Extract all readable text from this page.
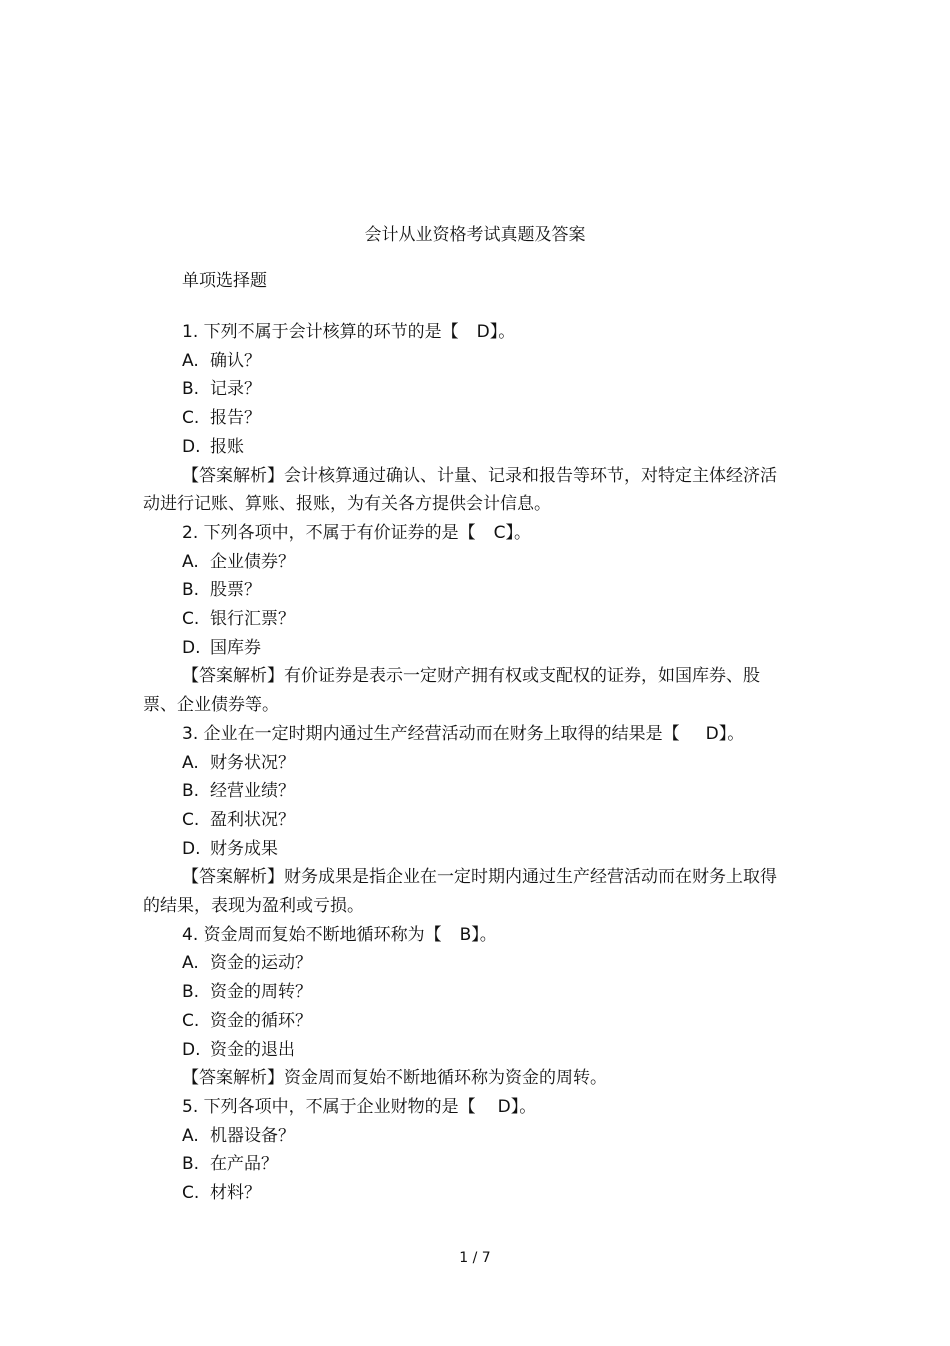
会计从业资格考试真题及答案
单项选择题
1. 下列不属于会计核算的环节的是【 D】。
A. 确认？
B. 记录？
C. 报告？
D. 报账
【答案解析】会计核算通过确认、计量、记录和报告等环节，对特定主体经济活动进行记账、算账、报账，为有关各方提供会计信息。
2. 下列各项中，不属于有价证券的是【 C】。
A. 企业债券？
B. 股票？
C. 银行汇票？
D. 国库券
【答案解析】有价证券是表示一定财产拥有权或支配权的证券，如国库券、股票、企业债券等。
3. 企业在一定时期内通过生产经营活动而在财务上取得的结果是【 D】。
A. 财务状况？
B. 经营业绩？
C. 盈利状况？
D. 财务成果
【答案解析】财务成果是指企业在一定时期内通过生产经营活动而在财务上取得的结果，表现为盈利或亏损。
4. 资金周而复始不断地循环称为【 B】。
A. 资金的运动？
B. 资金的周转？
C. 资金的循环？
D. 资金的退出
【答案解析】资金周而复始不断地循环称为资金的周转。
5. 下列各项中，不属于企业财物的是【 D】。
A. 机器设备？
B. 在产品？
C. 材料？
1 / 7
